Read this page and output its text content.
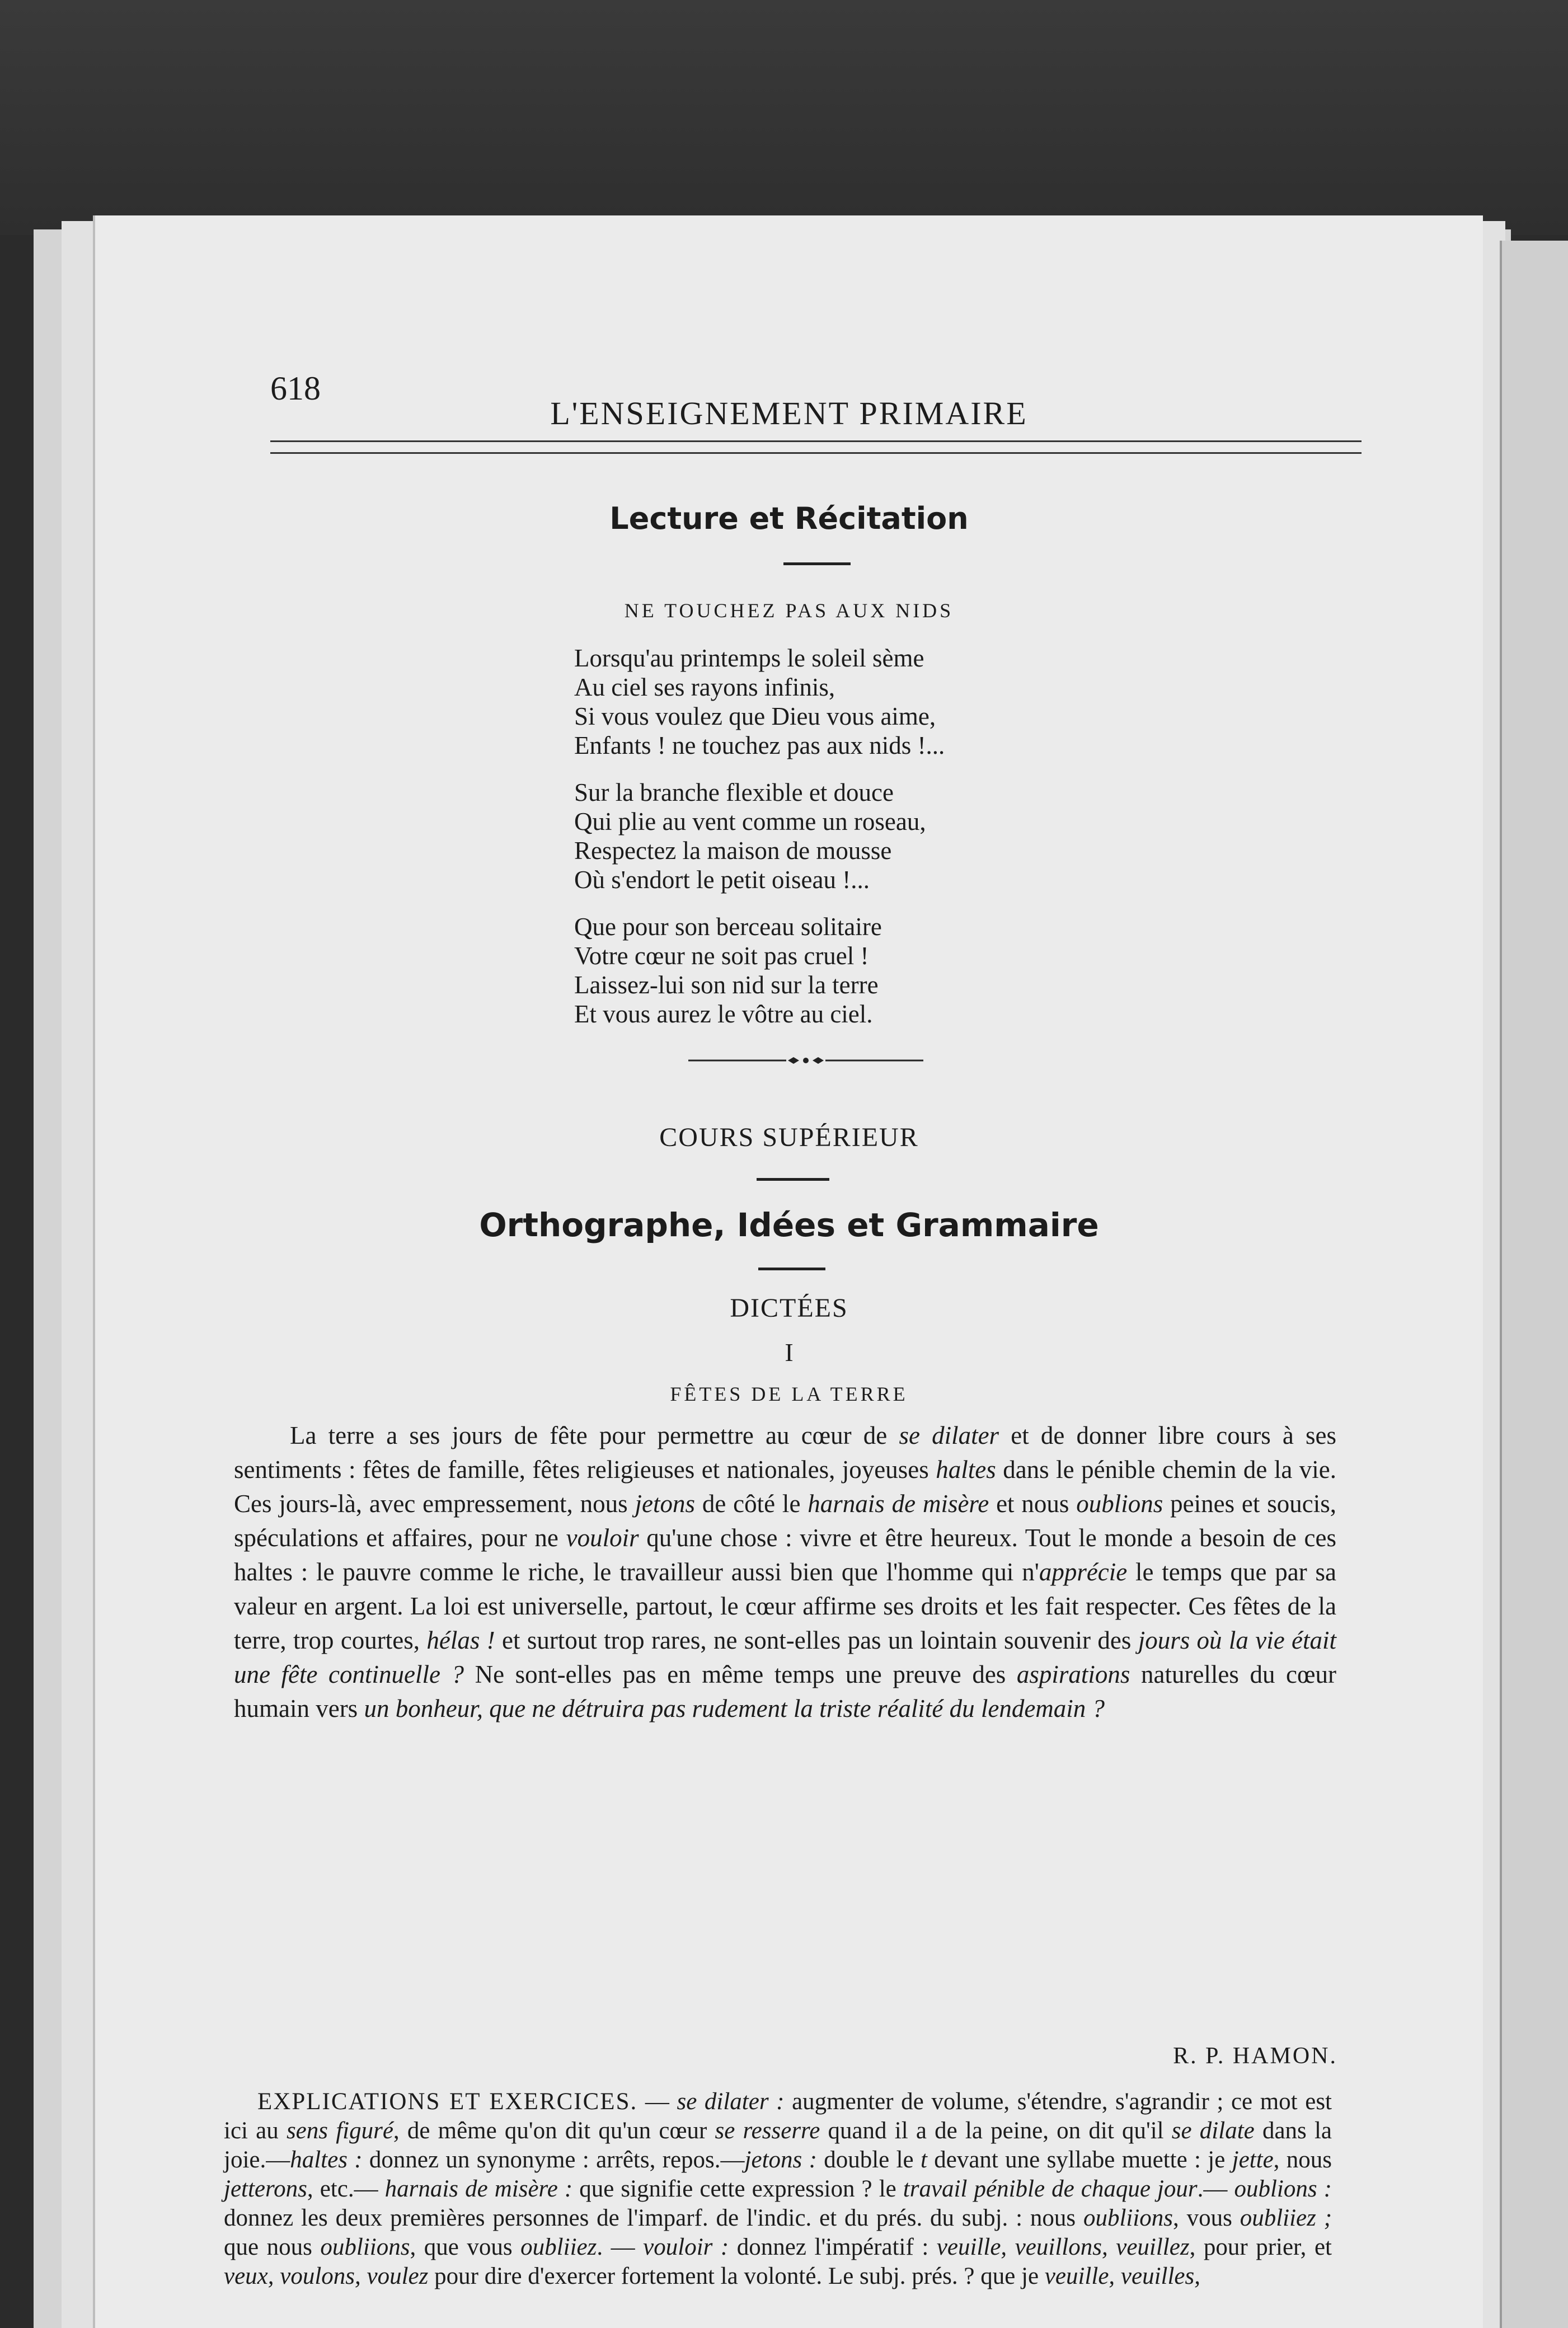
618
L'ENSEIGNEMENT PRIMAIRE
Lecture et Récitation
NE TOUCHEZ PAS AUX NIDS
Lorsqu'au printemps le soleil sème
Au ciel ses rayons infinis,
Si vous voulez que Dieu vous aime,
Enfants ! ne touchez pas aux nids !...
Sur la branche flexible et douce
Qui plie au vent comme un roseau,
Respectez la maison de mousse
Où s'endort le petit oiseau !...
Que pour son berceau solitaire
Votre cœur ne soit pas cruel !
Laissez-lui son nid sur la terre
Et vous aurez le vôtre au ciel.
COURS SUPÉRIEUR
Orthographe, Idées et Grammaire
DICTÉES
I
FÊTES DE LA TERRE

La terre a ses jours de fête pour permettre au cœur de se dilater et de donner libre cours à ses sentiments : fêtes de famille, fêtes religieuses et nationales, joyeuses haltes dans le pénible chemin de la vie. Ces jours-là, avec empressement, nous jetons de côté le harnais de misère et nous oublions peines et soucis, spéculations et affaires, pour ne vouloir qu'une chose : vivre et être heureux. Tout le monde a besoin de ces haltes : le pauvre comme le riche, le travailleur aussi bien que l'homme qui n'apprécie le temps que par sa valeur en argent. La loi est universelle, partout, le cœur affirme ses droits et les fait respecter. Ces fêtes de la terre, trop courtes, hélas ! et surtout trop rares, ne sont-elles pas un lointain souvenir des jours où la vie était une fête continuelle ? Ne sont-elles pas en même temps une preuve des aspirations naturelles du cœur humain vers un bonheur, que ne détruira pas rudement la triste réalité du lendemain ?

R. P. HAMON.

EXPLICATIONS ET EXERCICES. — se dilater : augmenter de volume, s'étendre, s'agrandir ; ce mot est ici au sens figuré, de même qu'on dit qu'un cœur se resserre quand il a de la peine, on dit qu'il se dilate dans la joie.—haltes : donnez un synonyme : arrêts, repos.—jetons : double le t devant une syllabe muette : je jette, nous jetterons, etc.— harnais de misère : que signifie cette expression ? le travail pénible de chaque jour.— oublions : donnez les deux premières personnes de l'imparf. de l'indic. et du prés. du subj. : nous oubliions, vous oubliiez ; que nous oubliions, que vous oubliiez. — vouloir : donnez l'impératif : veuille, veuillons, veuillez, pour prier, et veux, voulons, voulez pour dire d'exercer fortement la volonté. Le subj. prés. ? que je veuille, veuilles,
